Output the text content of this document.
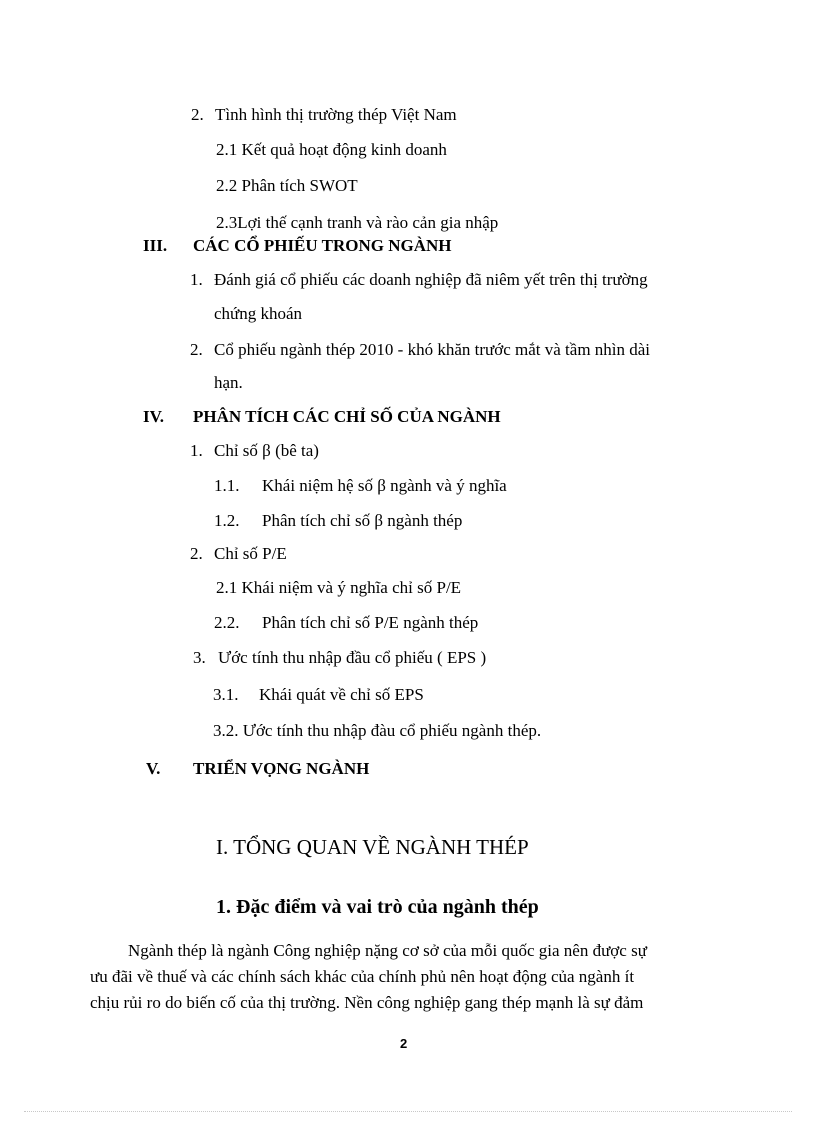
2. Tình hình thị trường thép Việt Nam
2.1 Kết quả hoạt động kinh doanh
2.2 Phân tích SWOT
2.3Lợi thế cạnh tranh và rào cản gia nhập
III. CÁC CỔ PHIẾU TRONG NGÀNH
1. Đánh giá cổ phiếu các doanh nghiệp đã niêm yết trên thị trường
chứng khoán
2. Cổ phiếu ngành thép 2010 - khó khăn trước mắt và tầm nhìn dài
hạn.
IV. PHÂN TÍCH CÁC CHỈ SỐ CỦA NGÀNH
1. Chỉ số β (bê ta)
1.1. Khái niệm hệ số β ngành và ý nghĩa
1.2. Phân tích chỉ số β ngành thép
2. Chỉ số P/E
2.1 Khái niệm và ý nghĩa chỉ số P/E
2.2. Phân tích chỉ số P/E ngành thép
3. Ước tính thu nhập đầu cổ phiếu ( EPS )
3.1. Khái quát về chỉ số EPS
3.2. Ước tính thu nhập đàu cổ phiếu ngành thép.
V. TRIỂN VỌNG NGÀNH
I. TỔNG QUAN VỀ NGÀNH THÉP
1. Đặc điểm và vai trò của ngành thép
Ngành thép là ngành Công nghiệp nặng cơ sở của mỗi quốc gia nên được sự
ưu đãi về thuế và các chính sách khác của chính phủ nên hoạt động của ngành ít
chịu rủi ro do biến cố của thị trường. Nền công nghiệp gang thép mạnh là sự đảm
2
